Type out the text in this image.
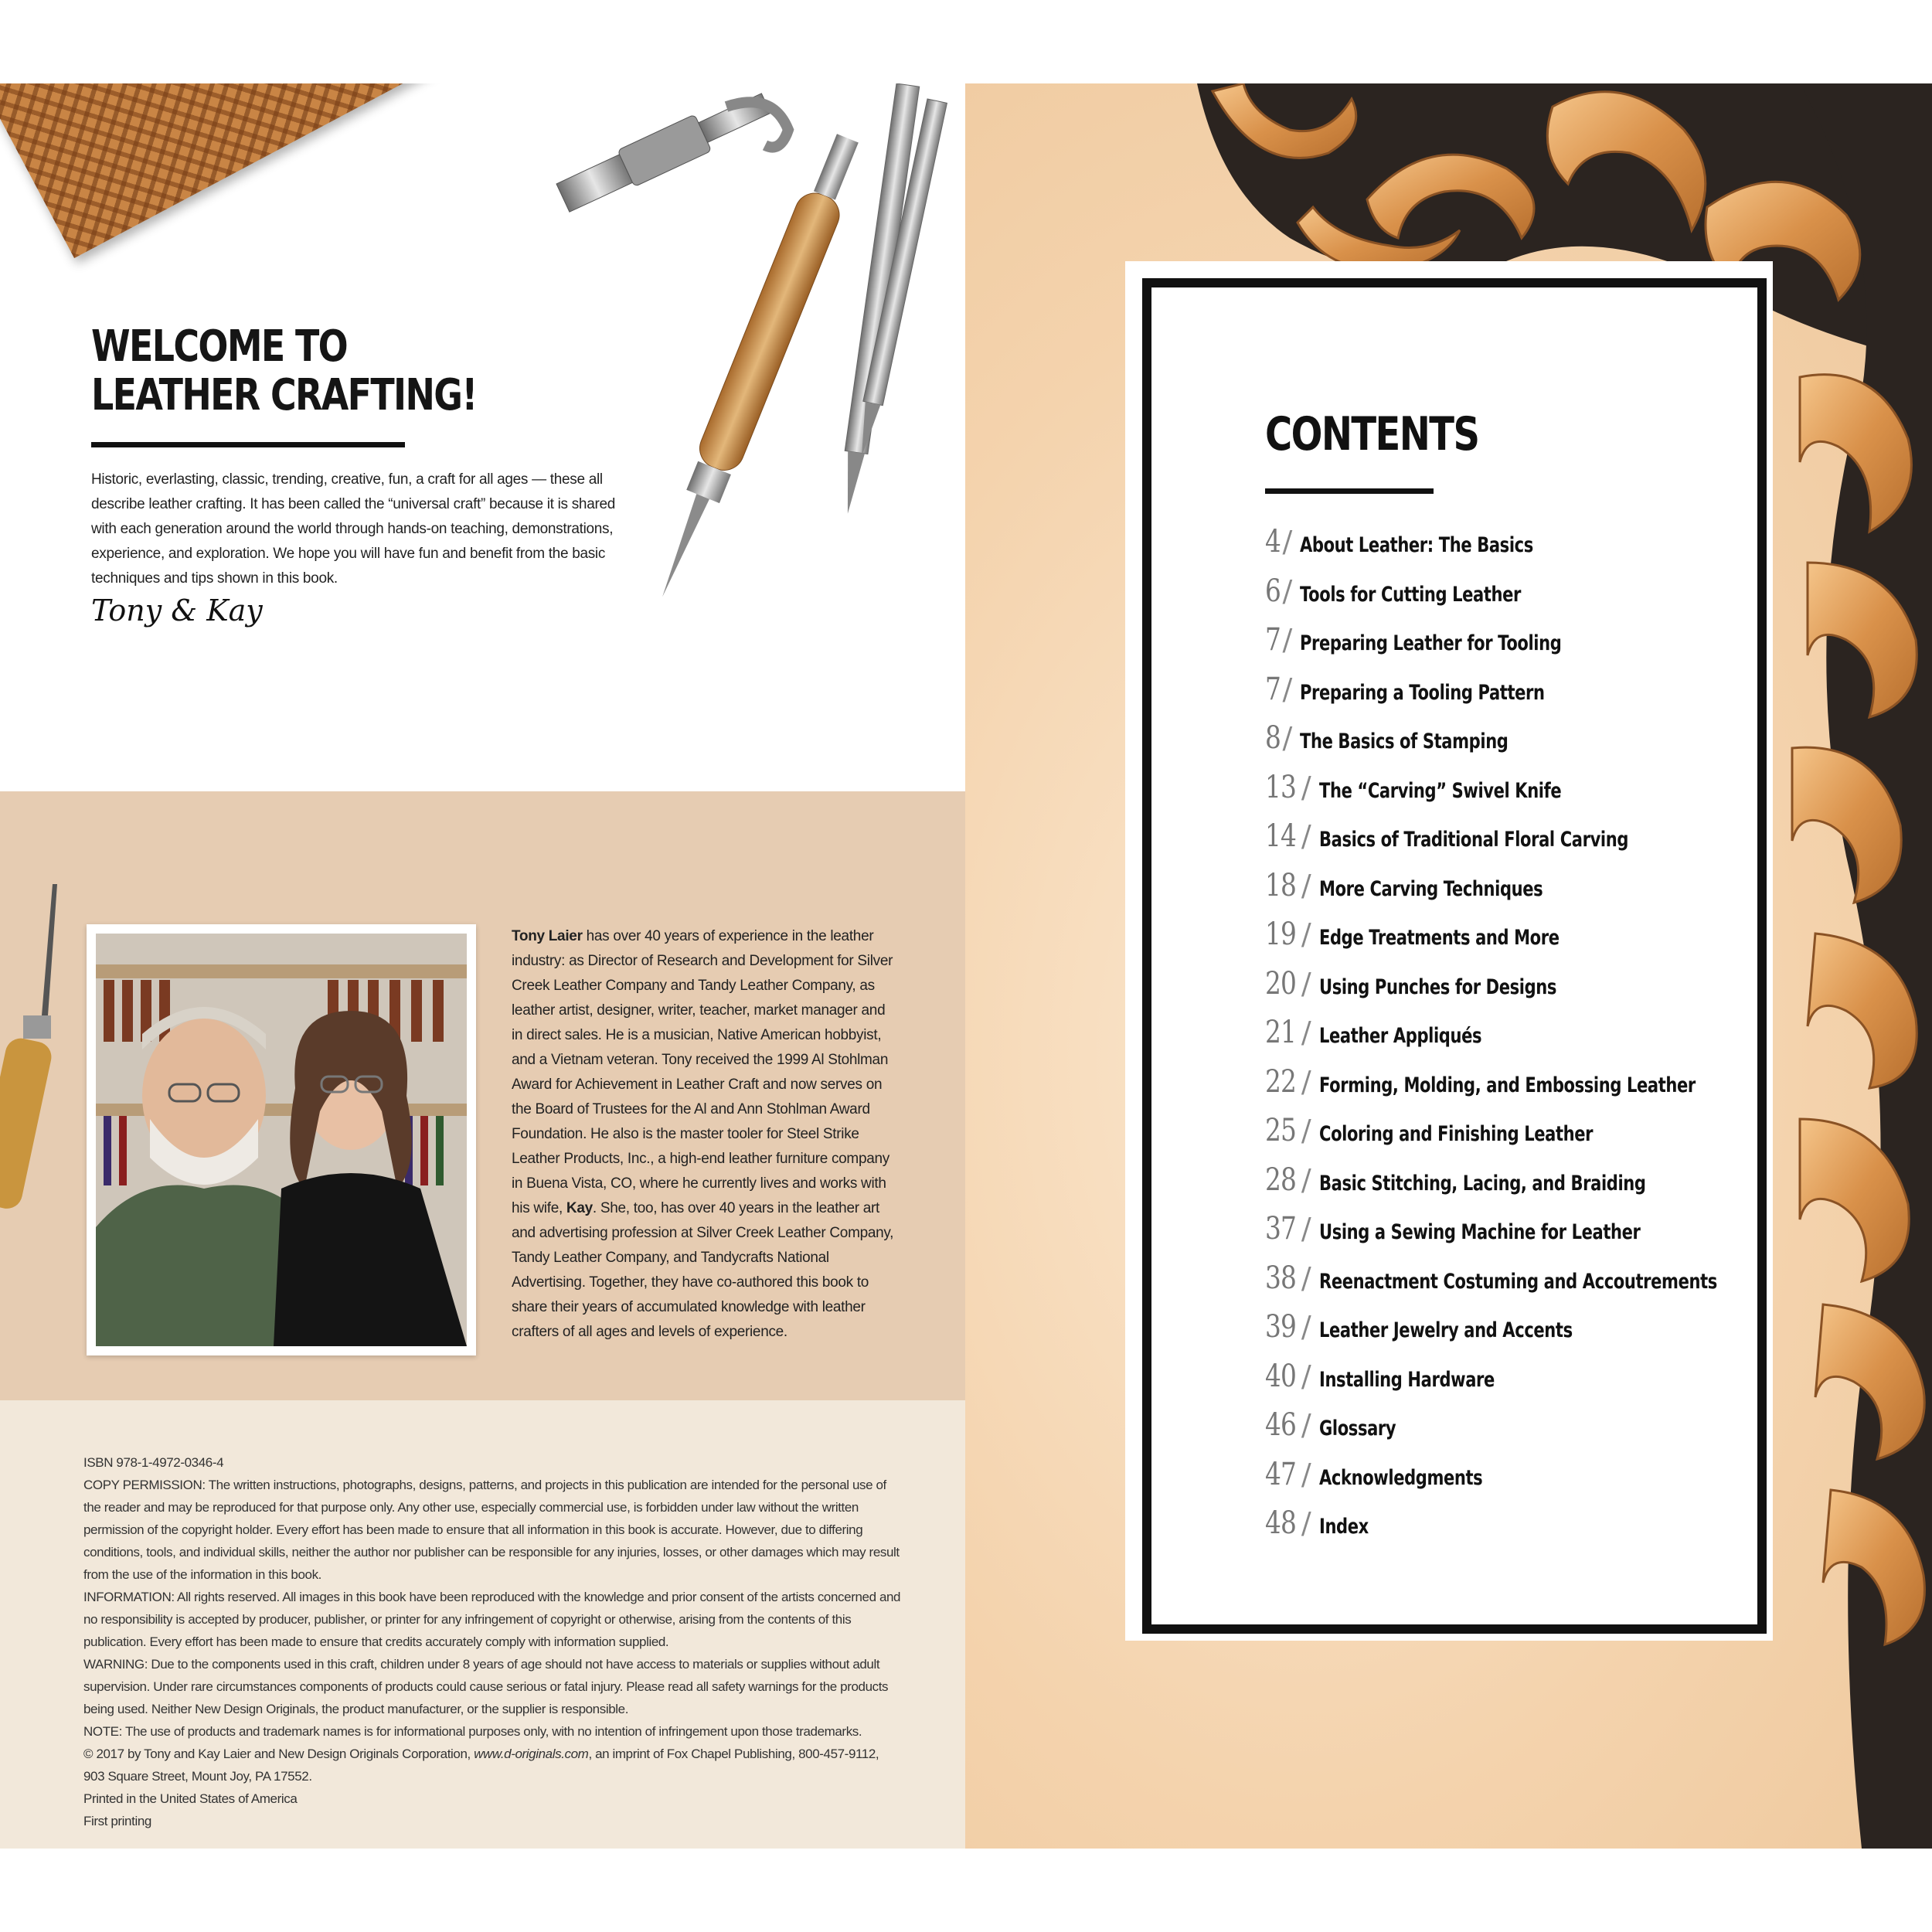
WELCOME TO
LEATHER CRAFTING!

Historic, everlasting, classic, trending, creative, fun, a craft for all ages — these all describe leather crafting. It has been called the “universal craft” because it is shared with each generation around the world through hands-on teaching, demonstrations, experience, and exploration. We hope you will have fun and benefit from the basic techniques and tips shown in this book.

Tony & Kay

Tony Laier has over 40 years of experience in the leather industry: as Director of Research and Development for Silver Creek Leather Company and Tandy Leather Company, as leather artist, designer, writer, teacher, market manager and in direct sales. He is a musician, Native American hobbyist, and a Vietnam veteran. Tony received the 1999 Al Stohlman Award for Achievement in Leather Craft and now serves on the Board of Trustees for the Al and Ann Stohlman Award Foundation. He also is the master tooler for Steel Strike Leather Products, Inc., a high-end leather furniture company in Buena Vista, CO, where he currently lives and works with his wife, Kay. She, too, has over 40 years in the leather art and advertising profession at Silver Creek Leather Company, Tandy Leather Company, and Tandycrafts National Advertising. Together, they have co-authored this book to share their years of accumulated knowledge with leather crafters of all ages and levels of experience.

ISBN 978-1-4972-0346-4

COPY PERMISSION: The written instructions, photographs, designs, patterns, and projects in this publication are intended for the personal use of the reader and may be reproduced for that purpose only. Any other use, especially commercial use, is forbidden under law without the written permission of the copyright holder. Every effort has been made to ensure that all information in this book is accurate. However, due to differing conditions, tools, and individual skills, neither the author nor publisher can be responsible for any injuries, losses, or other damages which may result from the use of the information in this book.

INFORMATION: All rights reserved. All images in this book have been reproduced with the knowledge and prior consent of the artists concerned and no responsibility is accepted by producer, publisher, or printer for any infringement of copyright or otherwise, arising from the contents of this publication. Every effort has been made to ensure that credits accurately comply with information supplied.

WARNING: Due to the components used in this craft, children under 8 years of age should not have access to materials or supplies without adult supervision. Under rare circumstances components of products could cause serious or fatal injury. Please read all safety warnings for the products being used. Neither New Design Originals, the product manufacturer, or the supplier is responsible.

NOTE: The use of products and trademark names is for informational purposes only, with no intention of infringement upon those trademarks.

© 2017 by Tony and Kay Laier and New Design Originals Corporation, www.d-originals.com, an imprint of Fox Chapel Publishing, 800-457-9112, 903 Square Street, Mount Joy, PA 17552.

Printed in the United States of America

First printing

CONTENTS
4 / About Leather: The Basics
6 / Tools for Cutting Leather
7 / Preparing Leather for Tooling
7 / Preparing a Tooling Pattern
8 / The Basics of Stamping
13 / The “Carving” Swivel Knife
14 / Basics of Traditional Floral Carving
18 / More Carving Techniques
19 / Edge Treatments and More
20 / Using Punches for Designs
21 / Leather Appliqués
22 / Forming, Molding, and Embossing Leather
25 / Coloring and Finishing Leather
28 / Basic Stitching, Lacing, and Braiding
37 / Using a Sewing Machine for Leather
38 / Reenactment Costuming and Accoutrements
39 / Leather Jewelry and Accents
40 / Installing Hardware
46 / Glossary
47 / Acknowledgments
48 / Index
